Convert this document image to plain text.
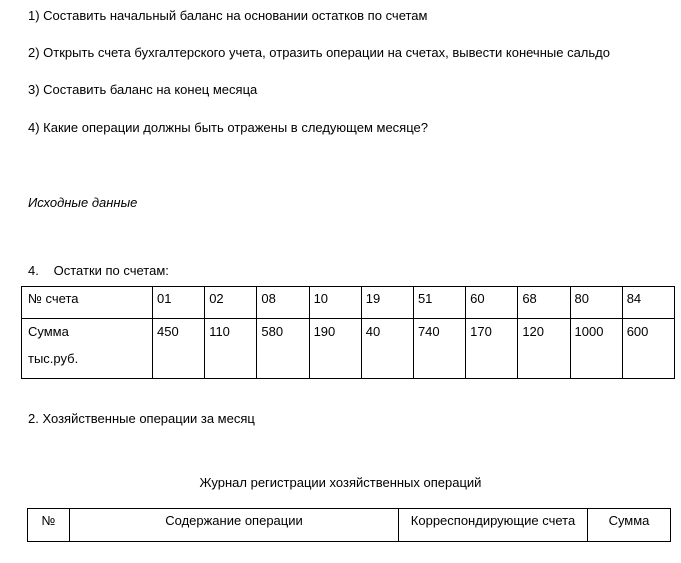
1) Составить начальный баланс на основании остатков по счетам
2) Открыть счета бухгалтерского учета, отразить операции на счетах, вывести конечные сальдо
3) Составить баланс на конец месяца
4) Какие операции должны быть отражены в следующем месяце?
Исходные данные
4. Остатки по счетам:
№ счета	01	02	08	10	19	51	60	68	80	84

Сумма
тыс.руб.	450	110	580	190	40	740	170	120	1000	600
2. Хозяйственные операции за месяц
Журнал регистрации хозяйственных операций
№	Содержание операции	Корреспондирующие счета	Сумма
